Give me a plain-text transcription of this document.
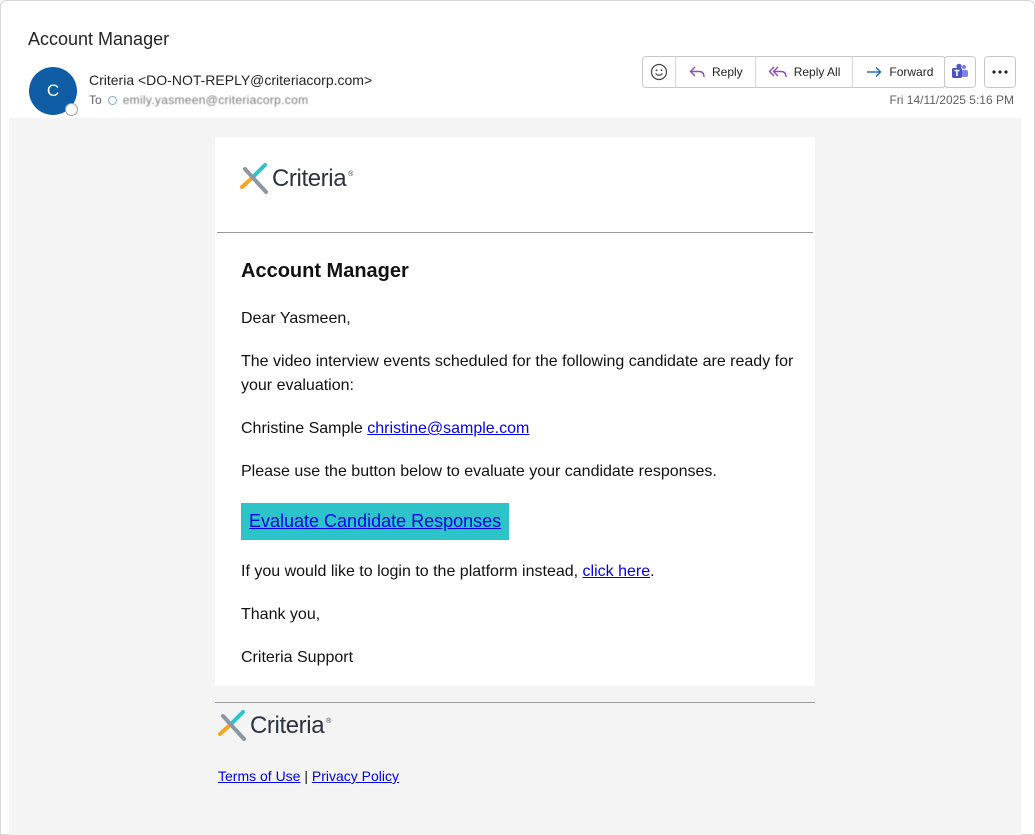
Account Manager
C
Criteria <DO-NOT-REPLY@criteriacorp.com>
To emily.yasmeen@criteriacorp.com
Reply	Reply All	Forward
Fri 14/11/2025 5:16 PM
Criteria ®
Account Manager

Dear Yasmeen,

The video interview events scheduled for the following candidate are ready for your evaluation:

Christine Sample christine@sample.com

Please use the button below to evaluate your candidate responses.

Evaluate Candidate Responses

If you would like to login to the platform instead, click here.

Thank you,

Criteria Support

Criteria ®
Terms of Use | Privacy Policy
